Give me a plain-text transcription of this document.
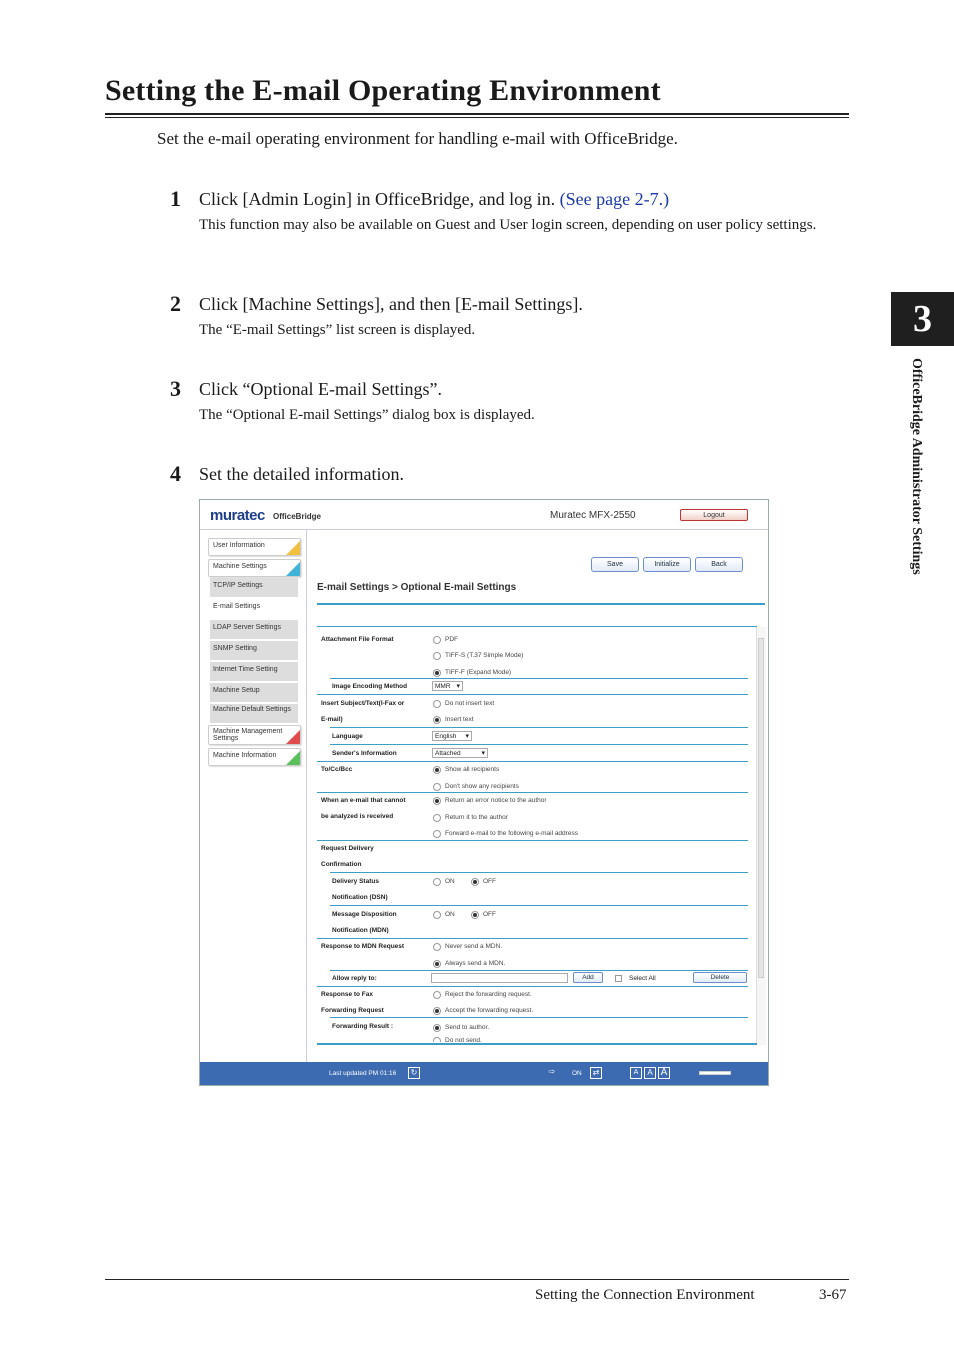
Setting the E-mail Operating Environment
Set the e-mail operating environment for handling e-mail with OfficeBridge.
1 Click [Admin Login] in OfficeBridge, and log in. (See page 2-7.)
This function may also be available on Guest and User login screen, depending on user policy settings.
2 Click [Machine Settings], and then [E-mail Settings].
The “E-mail Settings” list screen is displayed.
3 Click “Optional E-mail Settings”.
The “Optional E-mail Settings” dialog box is displayed.
4 Set the detailed information.
3
OfficeBridge Administrator Settings
muratec OfficeBridge	Muratec MFX-2550	Logout
User Information
Machine Settings
TCP/IP Settings
E-mail Settings
LDAP Server Settings
SNMP Setting
Internet Time Setting
Machine Setup
Machine Default Settings
Machine Management Settings
Machine Information
Save	Initialize	Back
E-mail Settings > Optional E-mail Settings
Attachment File Format	PDF
TIFF-S (T.37 Simple Mode)
TIFF-F (Expand Mode)
Image Encoding Method	MMR ▾
Insert Subject/Text(I-Fax or
E-mail)
Do not insert text
Insert text
Language	English ▾
Sender's Information	Attached ▾
To/Cc/Bcc	Show all recipients
Don't show any recipients
When an e-mail that cannot
be analyzed is received
Return an error notice to the author
Return it to the author
Forward e-mail to the following e-mail address
Request Delivery
Confirmation
Delivery Status
Notification (DSN)
ON	OFF
Message Disposition
Notification (MDN)
ON	OFF
Response to MDN Request	Never send a MDN.
Always send a MDN.
Allow reply to:	Add	Select All	Delete
Response to Fax	Reject the forwarding request.
Forwarding Request	Accept the forwarding request.
Forwarding Result :	Send to author.
Do not send.
Last updated PM 01:16	↻	⇨	ON	⇄	A	A A
Setting the Connection Environment	3-67
